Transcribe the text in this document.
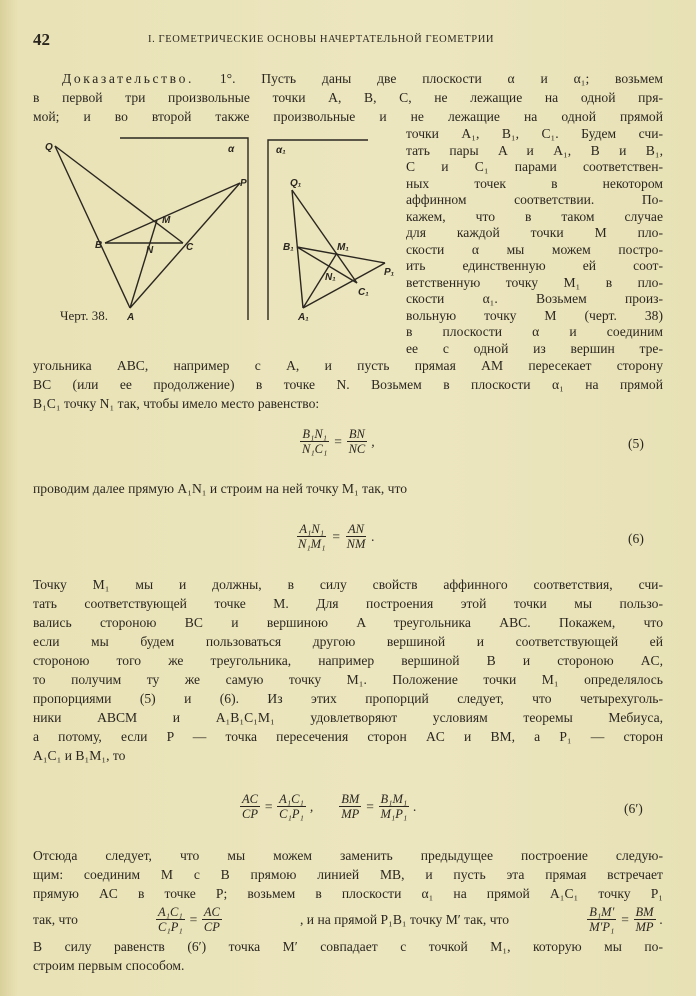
42	I. ГЕОМЕТРИЧЕСКИЕ ОСНОВЫ НАЧЕРТАТЕЛЬНОЙ ГЕОМЕТРИИ
Доказательство. 1°. Пусть даны две плоскости α и α₁; возьмем
в первой три произвольные точки A, B, C, не лежащие на одной пря-
мой; и во второй также произвольные и не лежащие на одной прямой
точки A₁, B₁, C₁. Будем счи-
тать пары A и A₁, B и B₁,
C и C₁ парами соответствен-
ных точек в некотором
аффинном соответствии. По-
кажем, что в таком случае
для каждой точки M пло-
скости α мы можем постро-
ить единственную ей соот-
ветственную точку M₁ в пло-
скости α₁. Возьмем произ-
вольную точку M (черт. 38)
в плоскости α и соединим
ее с одной из вершин тре-
Q	α
P
M
B	C
N
A
α₁
Q₁
B₁	M₁
P₁
N₁
C₁
A₁
Черт. 38.
угольника ABC, например с A, и пусть прямая AM пересекает сторону
BC (или ее продолжение) в точке N. Возьмем в плоскости α₁ на прямой
B₁C₁ точку N₁ так, чтобы имело место равенство:
$\frac{\text{B₁N₁}}{\text{N₁C₁}} = \frac{BN}{NC}$ ,	(5)
проводим далее прямую A₁N₁ и строим на ней точку M₁ так, что
$\frac{\text{A₁N₁}}{\text{N₁M₁}} = \frac{AN}{NM}$ .	(6)
Точку M₁ мы и должны, в силу свойств аффинного соответствия, счи-
тать соответствующей точке M. Для построения этой точки мы пользо-
вались стороною BC и вершиною A треугольника ABC. Покажем, что
если мы будем пользоваться другою вершиной и соответствующей ей
стороною того же треугольника, например вершиной B и стороною AC,
то получим ту же самую точку M₁. Положение точки M₁ определялось
пропорциями (5) и (6). Из этих пропорций следует, что четырехуголь-
ники ABCM и A₁B₁C₁M₁ удовлетворяют условиям теоремы Мебиуса,
а потому, если P — точка пересечения сторон AC и BM, а P₁ — сторон
A₁C₁ и B₁M₁, то
$\frac{AC}{CP} = \frac{\text{A₁C₁}}{\text{C₁P₁}}$ , $\frac{BM}{MP} = \frac{\text{B₁M₁}}{\text{M₁P₁}}$ .	(6′)
Отсюда следует, что мы можем заменить предыдущее построение следую-
щим: соединим M с B прямою линией MB, и пусть эта прямая встречает
прямую AC в точке P; возьмем в плоскости α₁ на прямой A₁C₁ точку P₁
так, что	$\frac{\text{A₁C₁}}{\text{C₁P₁}} = \frac{AC}{CP}$	, и на прямой P₁B₁ точку M′ так, что	$\frac{\text{B₁M′}}{\text{M′P₁}} = \frac{BM}{MP}$ .
В силу равенств (6′) точка M′ совпадает с точкой M₁, которую мы по-
строим первым способом.
